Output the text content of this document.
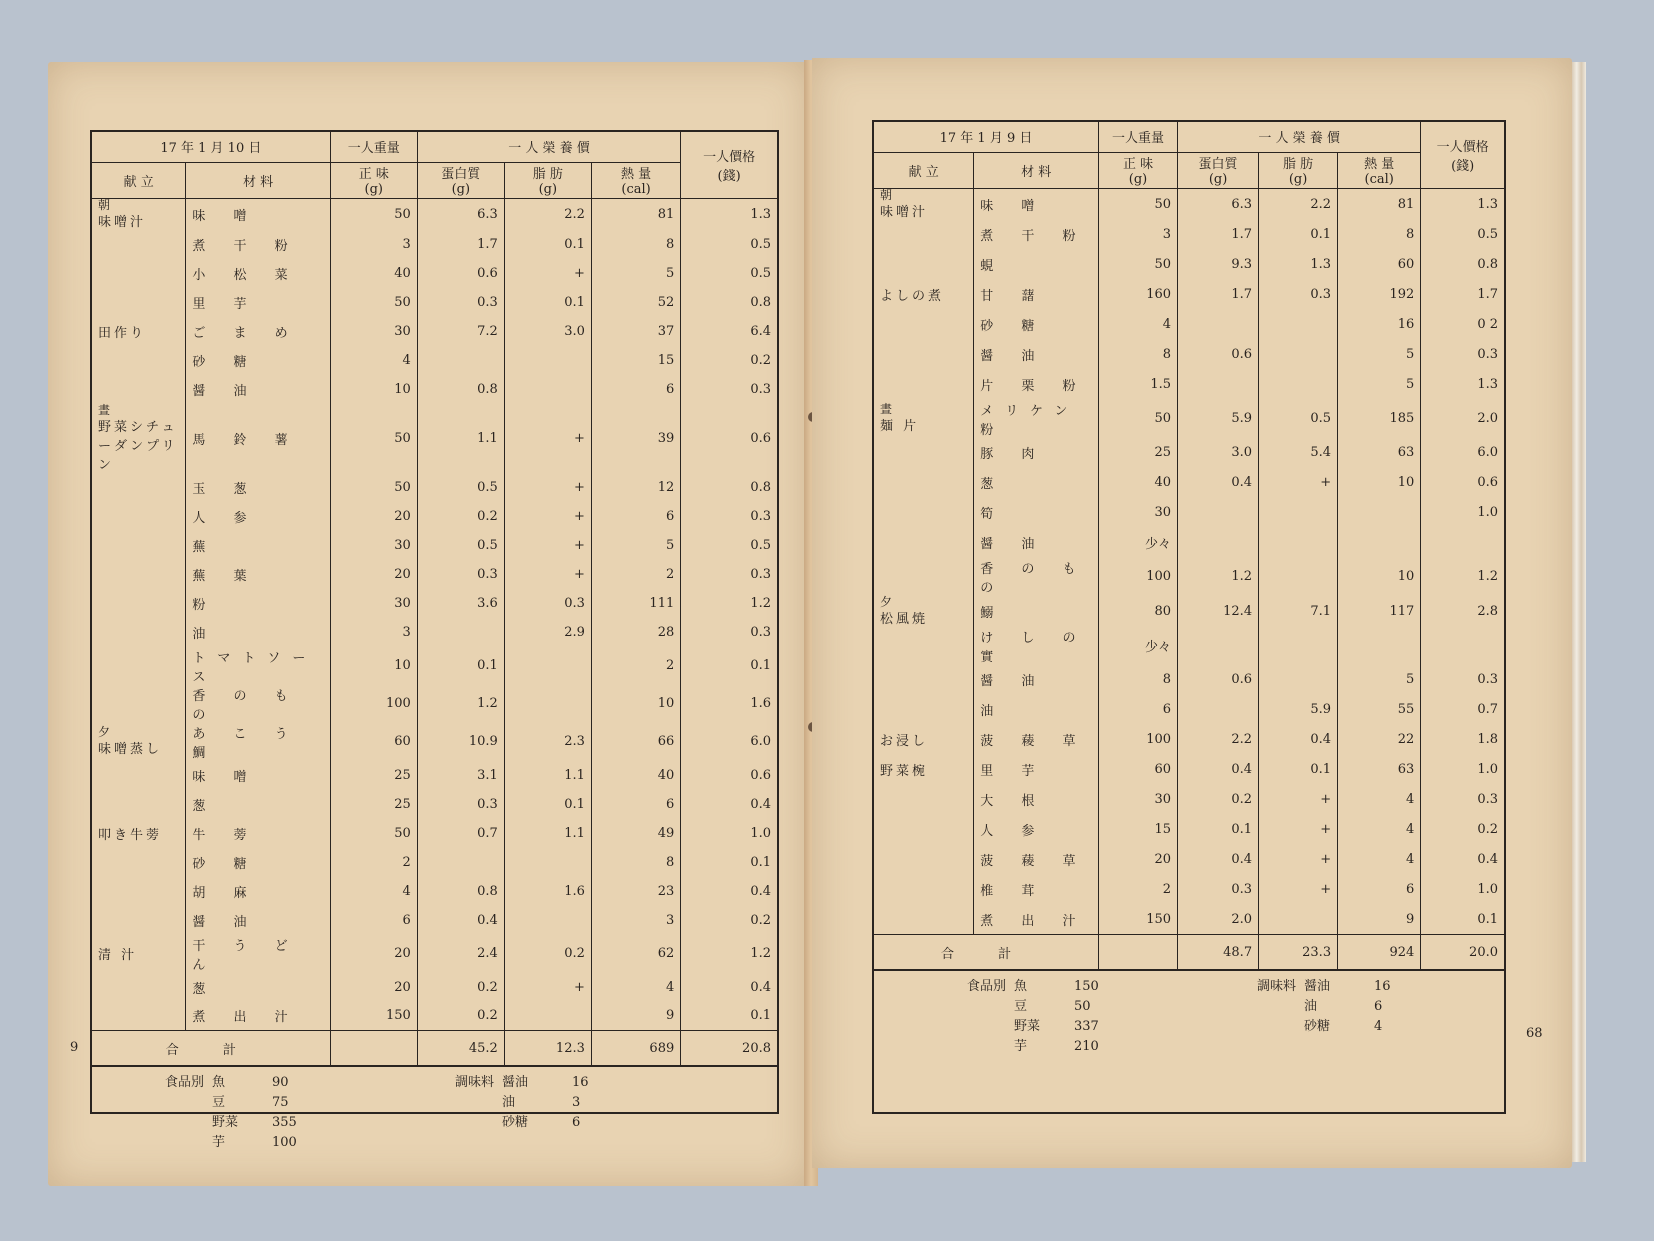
17 年 1 月 10 日		一人重量	一 人 榮 養 價			一人價格
(錢)
献 立	材 料	正 味
(g)	蛋白質
(g)	脂 肪
(g)	熱 量
(cal)	

朝
味噌汁	味 噌	50	6.3	2.2	81	1.3

	煮 干 粉	3	1.7	0.1	8	0.5

	小 松 菜	40	0.6	+	5	0.5

	里 芋	50	0.3	0.1	52	0.8

田作り	ご ま め	30	7.2	3.0	37	6.4

	砂 糖	4			15	0.2

	醤 油	10	0.8		6	0.3

晝
野菜シチューダンプリン	馬 鈴 薯	50	1.1	+	39	0.6

	玉 葱	50	0.5	+	12	0.8

	人 参	20	0.2	+	6	0.3

	蕪	30	0.5	+	5	0.5

	蕪 葉	20	0.3	+	2	0.3

	粉	30	3.6	0.3	111	1.2

	油	3		2.9	28	0.3

	トマトソース	10	0.1		2	0.1

	香 の も の	100	1.2		10	1.6

夕
味噌蒸し	あ こ う 鯛	60	10.9	2.3	66	6.0

	味 噌	25	3.1	1.1	40	0.6

	葱	25	0.3	0.1	6	0.4

叩き牛蒡	牛 蒡	50	0.7	1.1	49	1.0

	砂 糖	2			8	0.1

	胡 麻	4	0.8	1.6	23	0.4

	醤 油	6	0.4		3	0.2

清 汁	干 う ど ん	20	2.4	0.2	62	1.2

	葱	20	0.2	+	4	0.4

	煮 出 汁	150	0.2		9	0.1
合 計			45.2	12.3	689	20.8
食品別 魚	90	調味料 醤油	16
豆	75	油	3
野菜	355	砂糖	6
芋	100
9
17 年 1 月 9 日		一人重量	一 人 榮 養 價			一人價格
(錢)
献 立	材 料	正 味
(g)	蛋白質
(g)	脂 肪
(g)	熱 量
(cal)	

朝
味噌汁	味 噌	50	6.3	2.2	81	1.3

	煮 干 粉	3	1.7	0.1	8	0.5

	蜆	50	9.3	1.3	60	0.8

よしの煮	甘 藷	160	1.7	0.3	192	1.7

	砂 糖	4			16	0 2

	醤 油	8	0.6		5	0.3

	片 栗 粉	1.5			5	1.3

晝
麺 片	メリケン粉	50	5.9	0.5	185	2.0

	豚 肉	25	3.0	5.4	63	6.0

	葱	40	0.4	+	10	0.6

	筍	30				1.0

	醤 油	少々				

	香 の も の	100	1.2		10	1.2

夕
松風焼	鰯	80	12.4	7.1	117	2.8

	け し の 實	少々				

	醤 油	8	0.6		5	0.3

	油	6		5.9	55	0.7

お浸し	菠 薐 草	100	2.2	0.4	22	1.8

野菜椀	里 芋	60	0.4	0.1	63	1.0

	大 根	30	0.2	+	4	0.3

	人 参	15	0.1	+	4	0.2

	菠 薐 草	20	0.4	+	4	0.4

	椎 茸	2	0.3	+	6	1.0

	煮 出 汁	150	2.0		9	0.1
合 計			48.7	23.3	924	20.0
食品別 魚	150	調味料 醤油	16
豆	50	油	6
野菜	337	砂糖	4
芋	210
68
